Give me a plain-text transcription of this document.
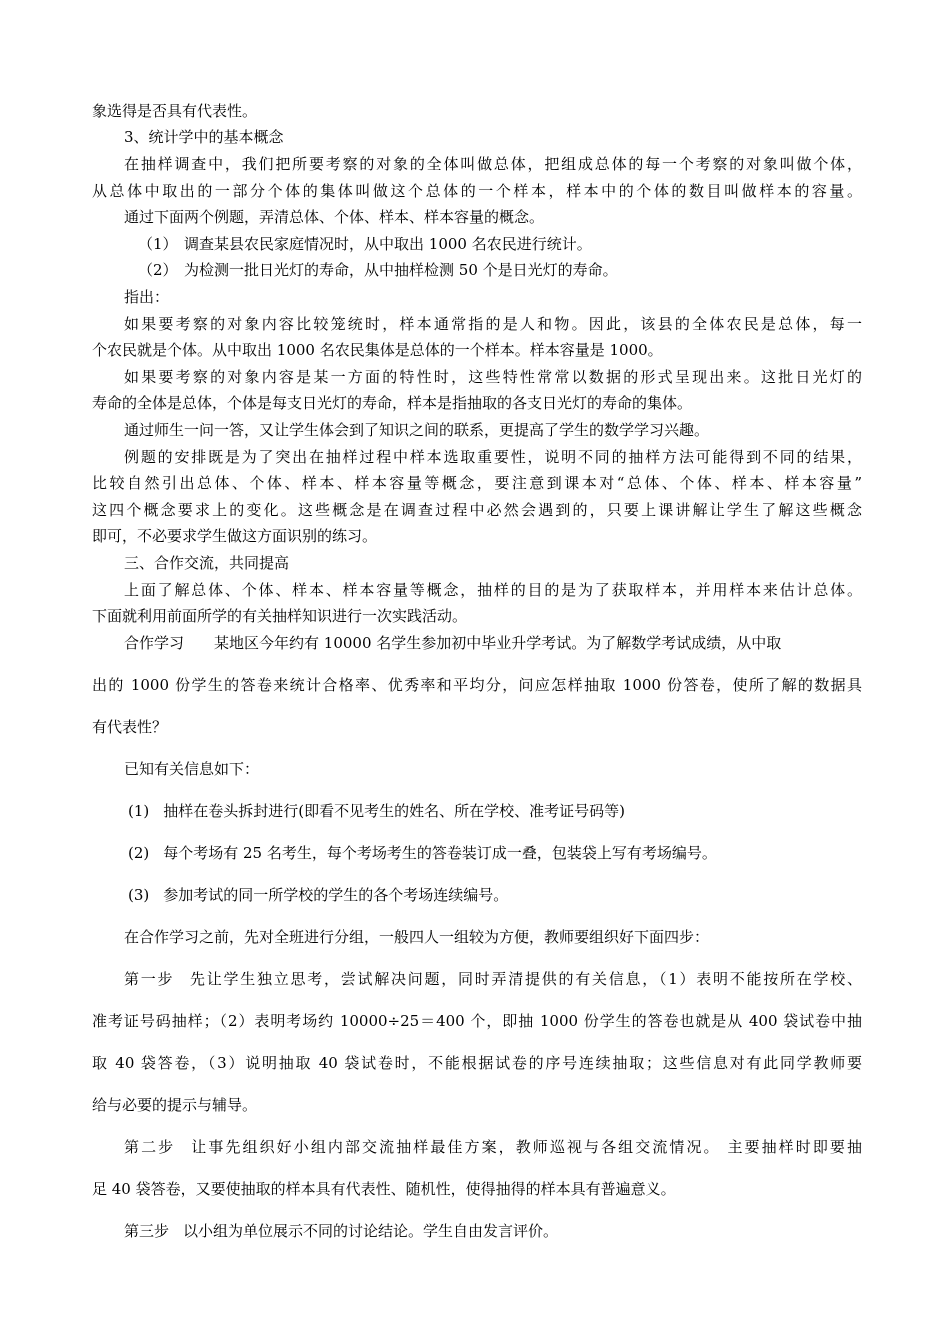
象选得是否具有代表性。
3、统计学中的基本概念
在抽样调查中，我们把所要考察的对象的全体叫做总体，把组成总体的每一个考察的对象叫做个体，
从总体中取出的一部分个体的集体叫做这个总体的一个样本，样本中的个体的数目叫做样本的容量。
通过下面两个例题，弄清总体、个体、样本、样本容量的概念。
（1） 调查某县农民家庭情况时，从中取出 1000 名农民进行统计。
（2） 为检测一批日光灯的寿命，从中抽样检测 50 个是日光灯的寿命。
指出：
如果要考察的对象内容比较笼统时，样本通常指的是人和物。因此，该县的全体农民是总体，每一
个农民就是个体。从中取出 1000 名农民集体是总体的一个样本。样本容量是 1000。
如果要考察的对象内容是某一方面的特性时，这些特性常常以数据的形式呈现出来。这批日光灯的
寿命的全体是总体，个体是每支日光灯的寿命，样本是指抽取的各支日光灯的寿命的集体。
通过师生一问一答，又让学生体会到了知识之间的联系，更提高了学生的数学学习兴趣。
例题的安排既是为了突出在抽样过程中样本选取重要性，说明不同的抽样方法可能得到不同的结果，
比较自然引出总体、个体、样本、样本容量等概念，要注意到课本对“总体、个体、样本、样本容量”
这四个概念要求上的变化。这些概念是在调查过程中必然会遇到的，只要上课讲解让学生了解这些概念
即可，不必要求学生做这方面识别的练习。
三、合作交流，共同提高
上面了解总体、个体、样本、样本容量等概念，抽样的目的是为了获取样本，并用样本来估计总体。
下面就利用前面所学的有关抽样知识进行一次实践活动。
合作学习 某地区今年约有 10000 名学生参加初中毕业升学考试。为了解数学考试成绩，从中取
出的 1000 份学生的答卷来统计合格率、优秀率和平均分，问应怎样抽取 1000 份答卷，使所了解的数据具
有代表性？
已知有关信息如下：
(1) 抽样在卷头拆封进行(即看不见考生的姓名、所在学校、准考证号码等)
(2) 每个考场有 25 名考生，每个考场考生的答卷装订成一叠，包装袋上写有考场编号。
(3) 参加考试的同一所学校的学生的各个考场连续编号。
在合作学习之前，先对全班进行分组，一般四人一组较为方便，教师要组织好下面四步：
第一步 先让学生独立思考，尝试解决问题，同时弄清提供的有关信息，（1）表明不能按所在学校、
准考证号码抽样；（2）表明考场约 10000÷25＝400 个，即抽 1000 份学生的答卷也就是从 400 袋试卷中抽
取 40 袋答卷，（3）说明抽取 40 袋试卷时，不能根据试卷的序号连续抽取；这些信息对有此同学教师要
给与必要的提示与辅导。
第二步 让事先组织好小组内部交流抽样最佳方案，教师巡视与各组交流情况。 主要抽样时即要抽
足 40 袋答卷，又要使抽取的样本具有代表性、随机性，使得抽得的样本具有普遍意义。
第三步 以小组为单位展示不同的讨论结论。学生自由发言评价。
